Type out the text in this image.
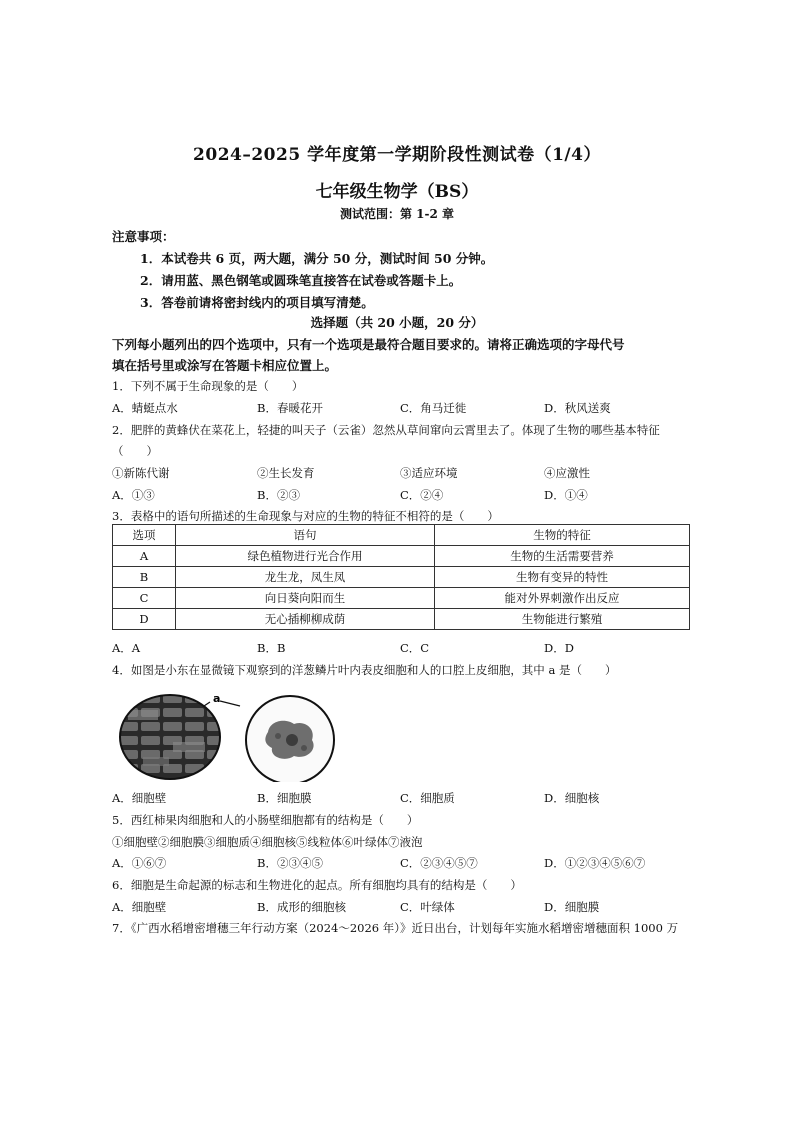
2024–2025 学年度第一学期阶段性测试卷（1/4）
七年级生物学（BS）
测试范围：第 1-2 章
注意事项：
1．本试卷共 6 页，两大题，满分 50 分，测试时间 50 分钟。
2．请用蓝、黑色钢笔或圆珠笔直接答在试卷或答题卡上。
3．答卷前请将密封线内的项目填写清楚。
选择题（共 20 小题，20 分）
下列每小题列出的四个选项中，只有一个选项是最符合题目要求的。请将正确选项的字母代号
填在括号里或涂写在答题卡相应位置上。
1．下列不属于生命现象的是（　　）
A．蜻蜓点水	B．春暖花开	C．角马迁徙	D．秋风送爽
2．肥胖的黄蜂伏在菜花上，轻捷的叫天子（云雀）忽然从草间窜向云霄里去了。体现了生物的哪些基本特征
（　　）
①新陈代谢	②生长发育	③适应环境	④应激性
A．①③	B．②③	C．②④	D．①④
3．表格中的语句所描述的生命现象与对应的生物的特征不相符的是（　　）
选项	语句	生物的特征
A	绿色植物进行光合作用	生物的生活需要营养
B	龙生龙，凤生凤	生物有变异的特性
C	向日葵向阳而生	能对外界刺激作出反应
D	无心插柳柳成荫	生物能进行繁殖
A．A	B．B	C．C	D．D
4．如图是小东在显微镜下观察到的洋葱鳞片叶内表皮细胞和人的口腔上皮细胞，其中 a 是（　　）
a
A．细胞壁	B．细胞膜	C．细胞质	D．细胞核
5．西红柿果肉细胞和人的小肠壁细胞都有的结构是（　　）
①细胞壁②细胞膜③细胞质④细胞核⑤线粒体⑥叶绿体⑦液泡
A．①⑥⑦	B．②③④⑤	C．②③④⑤⑦	D．①②③④⑤⑥⑦
6．细胞是生命起源的标志和生物进化的起点。所有细胞均具有的结构是（　　）
A．细胞壁	B．成形的细胞核	C．叶绿体	D．细胞膜
7．《广西水稻增密增穗三年行动方案（2024～2026 年）》近日出台，计划每年实施水稻增密增穗面积 1000 万
